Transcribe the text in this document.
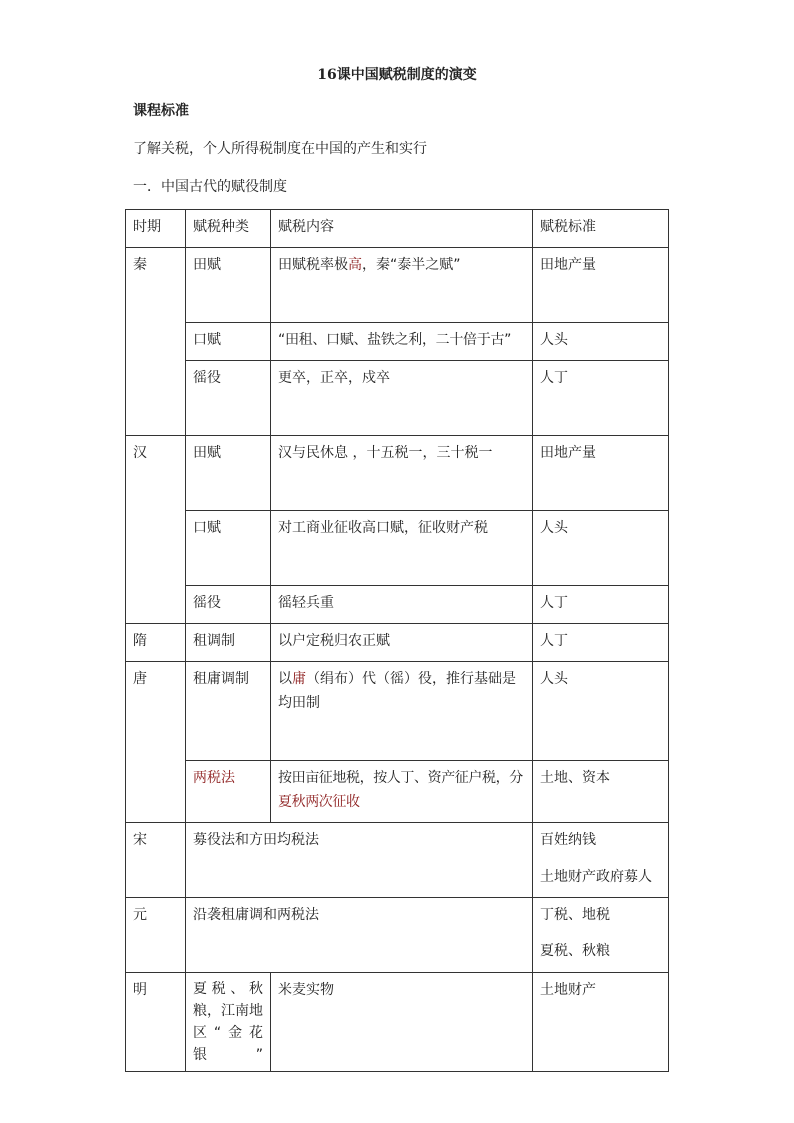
16课中国赋税制度的演变
课程标准
了解关税，个人所得税制度在中国的产生和实行
一．中国古代的赋役制度
时期	赋税种类	赋税内容	赋税标准
秦	田赋	田赋税率极高，秦“泰半之赋”	田地产量
	口赋	“田租、口赋、盐铁之利，二十倍于古”	人头
	徭役	更卒，正卒，戍卒	人丁
汉	田赋	汉与民休息 ，十五税一，三十税一	田地产量
	口赋	对工商业征收高口赋，征收财产税	人头
	徭役	徭轻兵重	人丁
隋	租调制	以户定税归农正赋	人丁
唐	租庸调制	以庸（绢布）代（徭）役，推行基础是均田制	人头
	两税法	按田亩征地税，按人丁、资产征户税，分夏秋两次征收	土地、资本
宋	募役法和方田均税法		百姓纳钱
土地财产政府募人

元	沿袭租庸调和两税法		丁税、地税
夏税、秋粮

明	夏税、秋粮，江南地区“金花银”	米麦实物	土地财产
